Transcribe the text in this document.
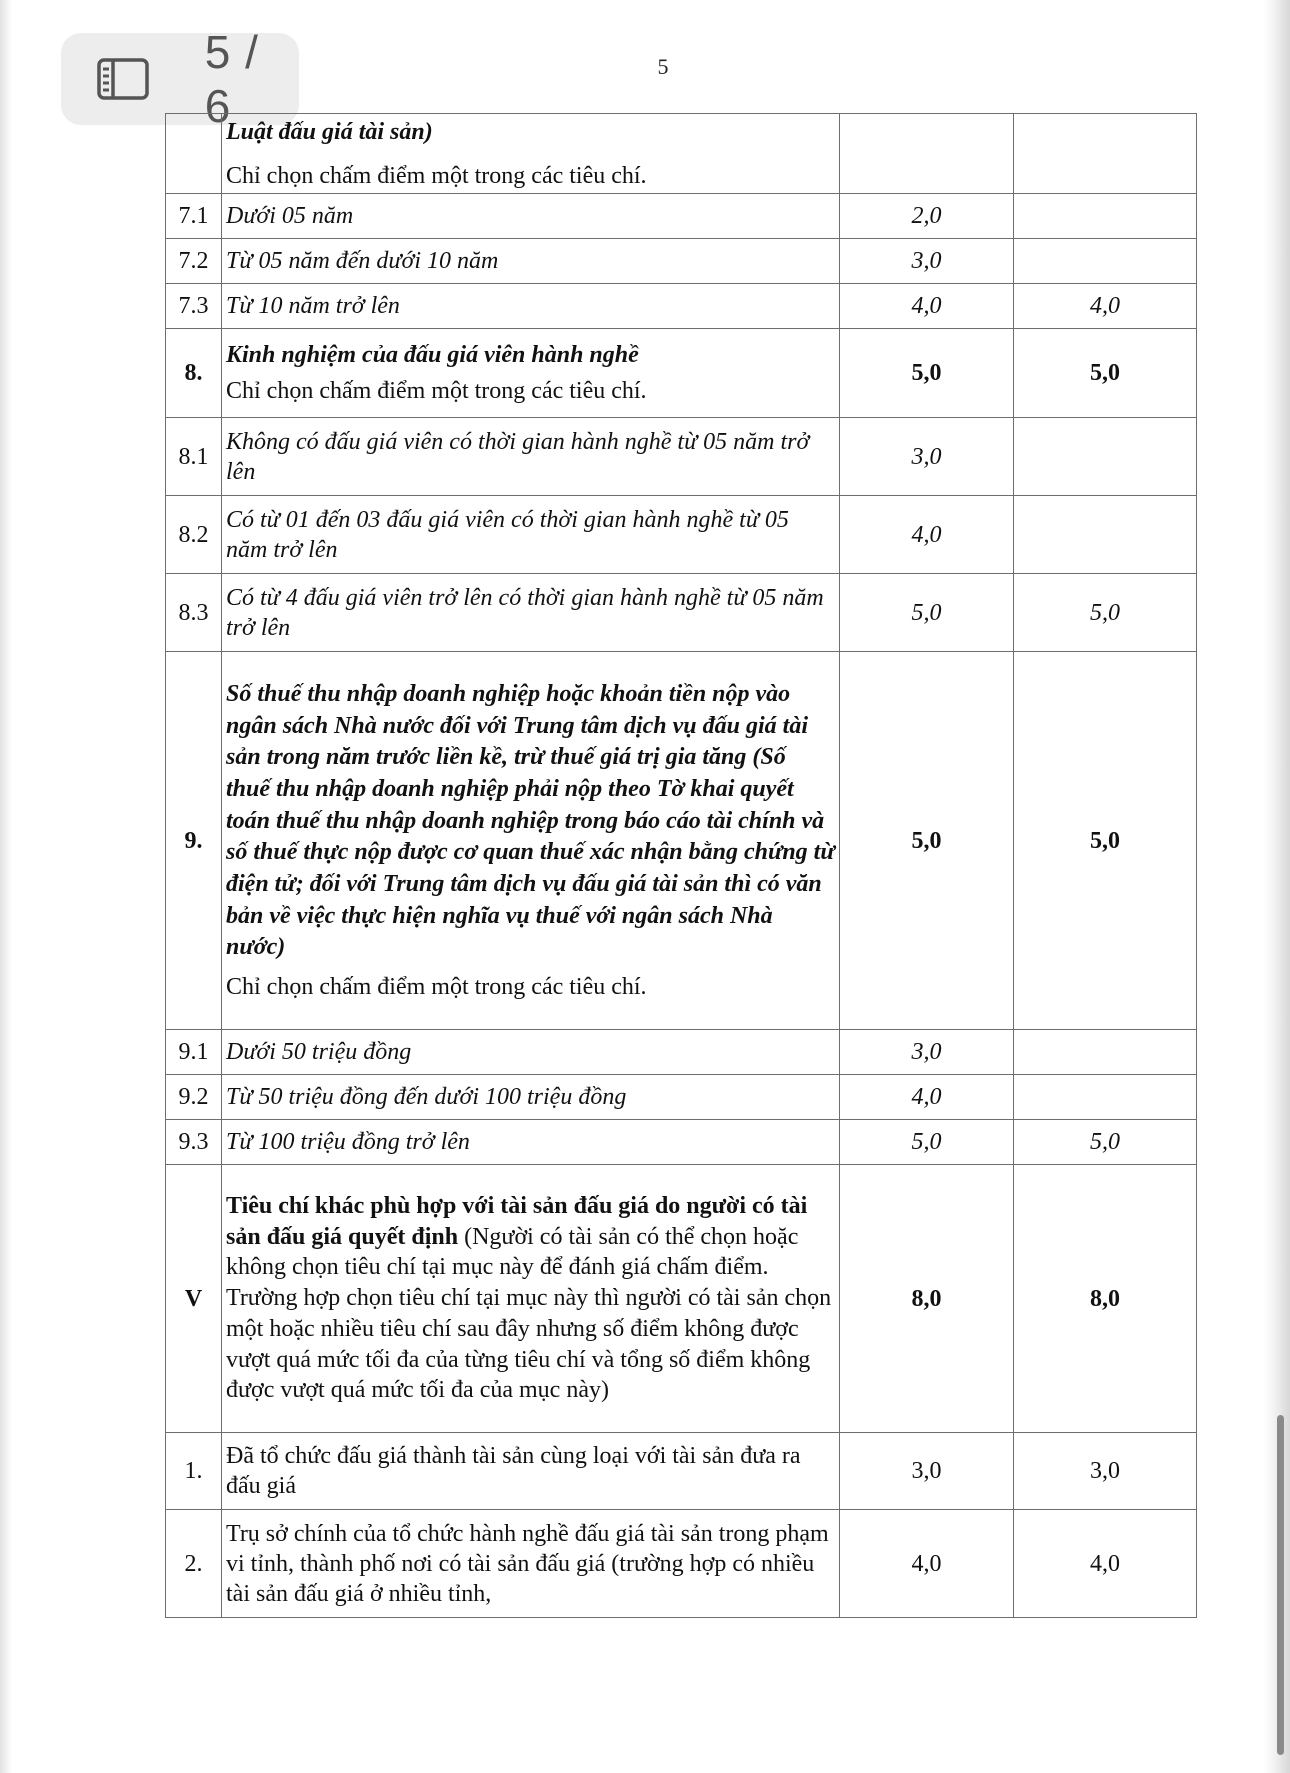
5 / 6
5

	Luật đấu giá tài sản)
Chỉ chọn chấm điểm một trong các tiêu chí.		

7.1	Dưới 05 năm	2,0	
7.2	Từ 05 năm đến dưới 10 năm	3,0	
7.3	Từ 10 năm trở lên	4,0	4,0
8.	Kinh nghiệm của đấu giá viên hành nghề
Chỉ chọn chấm điểm một trong các tiêu chí.	5,0	5,0
8.1	Không có đấu giá viên có thời gian hành nghề từ 05 năm trở lên	3,0	
8.2	Có từ 01 đến 03 đấu giá viên có thời gian hành nghề từ 05 năm trở lên	4,0	
8.3	Có từ 4 đấu giá viên trở lên có thời gian hành nghề từ 05 năm trở lên	5,0	5,0
9.	Số thuế thu nhập doanh nghiệp hoặc khoản tiền nộp vào ngân sách Nhà nước đối với Trung tâm dịch vụ đấu giá tài sản trong năm trước liền kề, trừ thuế giá trị gia tăng (Số thuế thu nhập doanh nghiệp phải nộp theo Tờ khai quyết toán thuế thu nhập doanh nghiệp trong báo cáo tài chính và số thuế thực nộp được cơ quan thuế xác nhận bằng chứng từ điện tử; đối với Trung tâm dịch vụ đấu giá tài sản thì có văn bản về việc thực hiện nghĩa vụ thuế với ngân sách Nhà nước)
Chỉ chọn chấm điểm một trong các tiêu chí.	5,0	5,0
9.1	Dưới 50 triệu đồng	3,0	
9.2	Từ 50 triệu đồng đến dưới 100 triệu đồng	4,0	
9.3	Từ 100 triệu đồng trở lên	5,0	5,0
V	Tiêu chí khác phù hợp với tài sản đấu giá do người có tài sản đấu giá quyết định (Người có tài sản có thể chọn hoặc không chọn tiêu chí tại mục này để đánh giá chấm điểm. Trường hợp chọn tiêu chí tại mục này thì người có tài sản chọn một hoặc nhiều tiêu chí sau đây nhưng số điểm không được vượt quá mức tối đa của từng tiêu chí và tổng số điểm không được vượt quá mức tối đa của mục này)	8,0	8,0
1.	Đã tổ chức đấu giá thành tài sản cùng loại với tài sản đưa ra đấu giá	3,0	3,0
2.	Trụ sở chính của tổ chức hành nghề đấu giá tài sản trong phạm vi tỉnh, thành phố nơi có tài sản đấu giá (trường hợp có nhiều tài sản đấu giá ở nhiều tỉnh,	4,0	4,0
